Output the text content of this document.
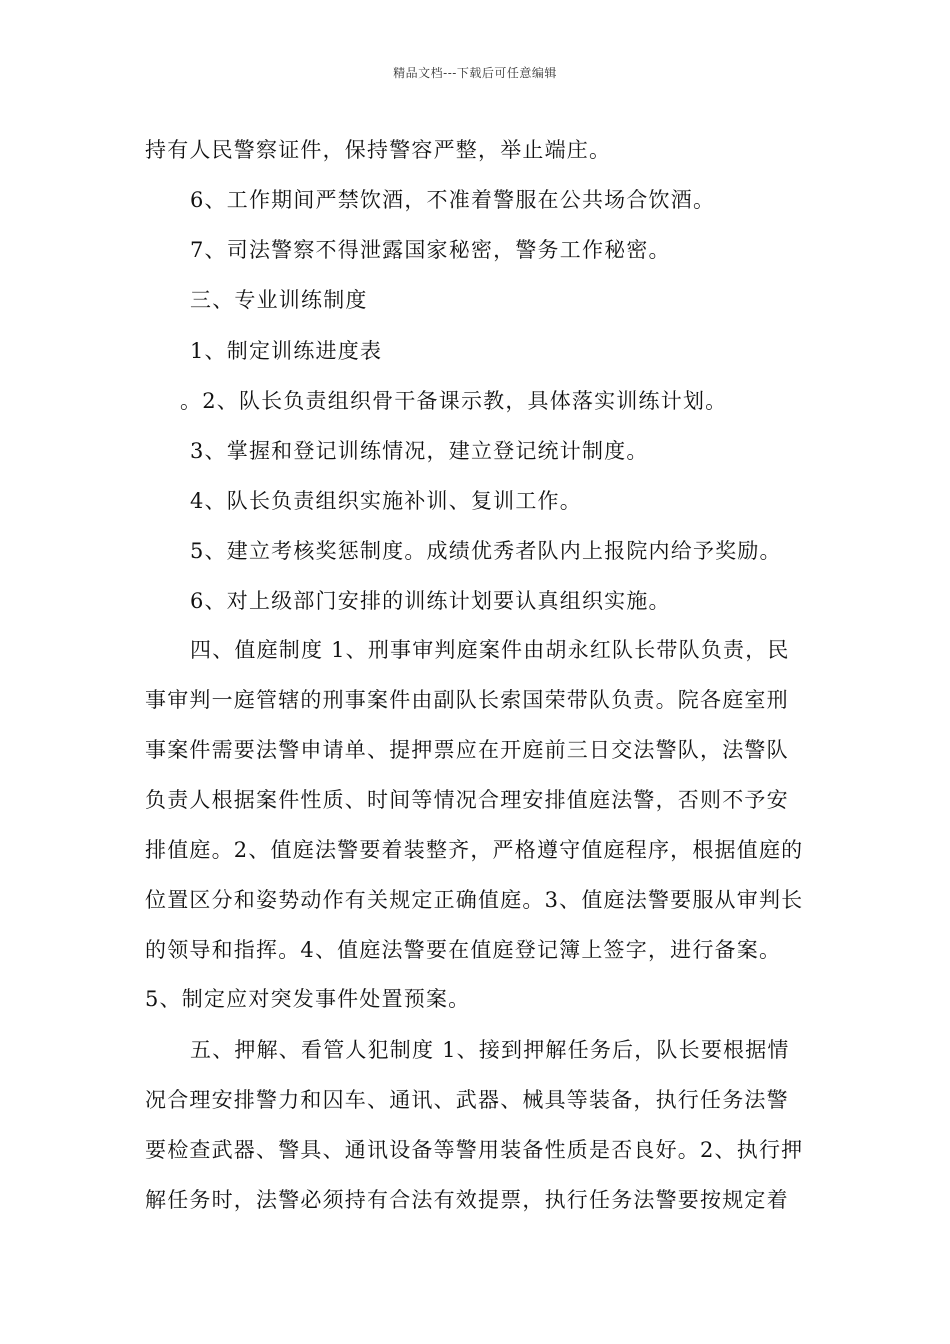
精品文档---下载后可任意编辑
持有人民警察证件，保持警容严整，举止端庄。
6、工作期间严禁饮酒，不准着警服在公共场合饮酒。
7、司法警察不得泄露国家秘密，警务工作秘密。
三、专业训练制度
1、制定训练进度表
。2、队长负责组织骨干备课示教，具体落实训练计划。
3、掌握和登记训练情况，建立登记统计制度。
4、队长负责组织实施补训、复训工作。
5、建立考核奖惩制度。成绩优秀者队内上报院内给予奖励。
6、对上级部门安排的训练计划要认真组织实施。
四、值庭制度 1、刑事审判庭案件由胡永红队长带队负责，民
事审判一庭管辖的刑事案件由副队长索国荣带队负责。院各庭室刑
事案件需要法警申请单、提押票应在开庭前三日交法警队，法警队
负责人根据案件性质、时间等情况合理安排值庭法警，否则不予安
排值庭。2、值庭法警要着装整齐，严格遵守值庭程序，根据值庭的
位置区分和姿势动作有关规定正确值庭。3、值庭法警要服从审判长
的领导和指挥。4、值庭法警要在值庭登记簿上签字，进行备案。
5、制定应对突发事件处置预案。
五、押解、看管人犯制度 1、接到押解任务后，队长要根据情
况合理安排警力和囚车、通讯、武器、械具等装备，执行任务法警
要检查武器、警具、通讯设备等警用装备性质是否良好。2、执行押
解任务时，法警必须持有合法有效提票，执行任务法警要按规定着
